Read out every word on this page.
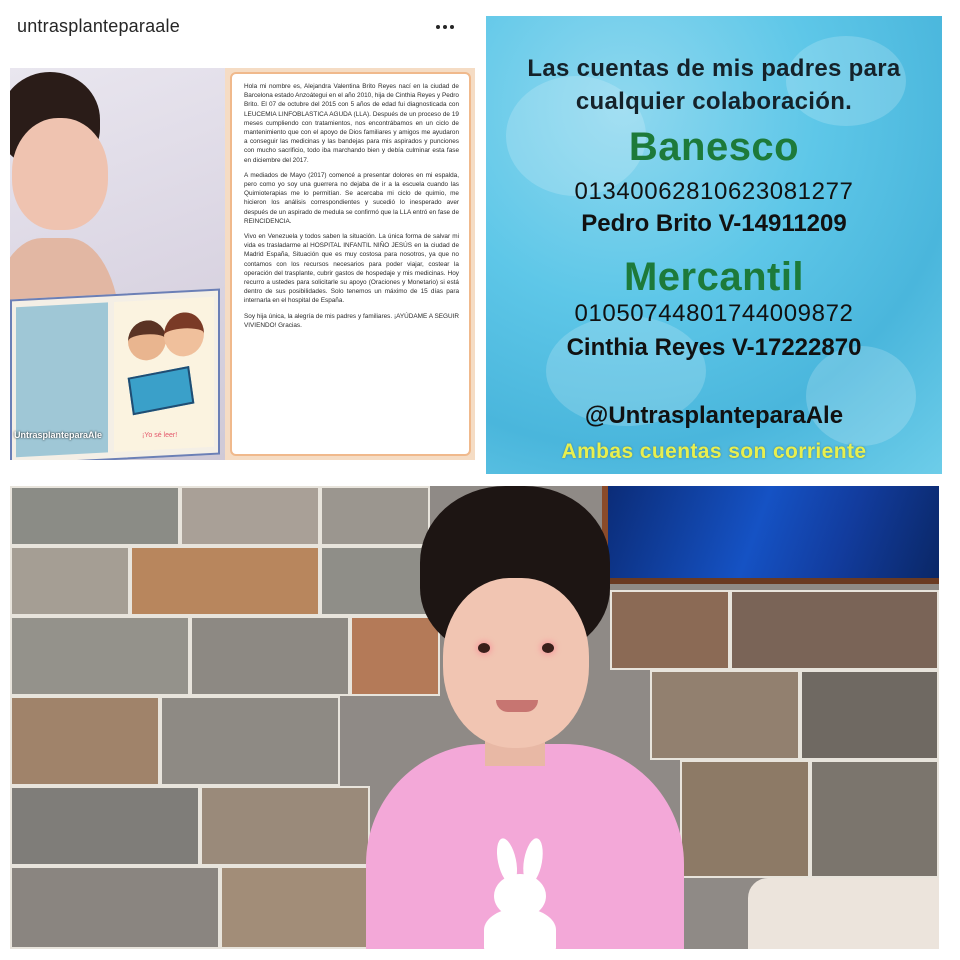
untrasplanteparaale
UntrasplanteparaAle	¡Yo sé leer!

Hola mi nombre es, Alejandra Valentina Brito Reyes nací en la ciudad de Barcelona estado Anzoátegui en el año 2010, hija de Cinthia Reyes y Pedro Brito. El 07 de octubre del 2015 con 5 años de edad fui diagnosticada con LEUCEMIA LINFOBLASTICA AGUDA (LLA). Después de un proceso de 19 meses cumpliendo con tratamientos, nos encontrábamos en un ciclo de mantenimiento que con el apoyo de Dios familiares y amigos me ayudaron a conseguir las medicinas y las bandejas para mis aspirados y punciones con mucho sacrificio, todo iba marchando bien y debía culminar esta fase en diciembre del 2017.

A mediados de Mayo (2017) comencé a presentar dolores en mi espalda, pero como yo soy una guerrera no dejaba de ir a la escuela cuando las Quimioterapias me lo permitían. Se acercaba mi ciclo de quimio, me hicieron los análisis correspondientes y sucedió lo inesperado aver después de un aspirado de medula se confirmó que la LLA entró en fase de REINCIDENCIA.

Vivo en Venezuela y todos saben la situación. La única forma de salvar mi vida es trasladarme al HOSPITAL INFANTIL NIÑO JESÚS en la ciudad de Madrid España, Situación que es muy costosa para nosotros, ya que no contamos con los recursos necesarios para poder viajar, costear la operación del trasplante, cubrir gastos de hospedaje y mis medicinas. Hoy recurro a ustedes para solicitarle su apoyo (Oraciones y Monetario) si está dentro de sus posibilidades. Solo tenemos un máximo de 15 días para internarla en el hospital de España.

Soy hija única, la alegría de mis padres y familiares. ¡AYÚDAME A SEGUIR VIVIENDO! Gracias.

Las cuentas de mis padres para cualquier colaboración.
Banesco
01340062810623081277
Pedro Brito V-14911209
Mercantil
01050744801744009872
Cinthia Reyes V-17222870
@UntrasplanteparaAle
Ambas cuentas son corriente
